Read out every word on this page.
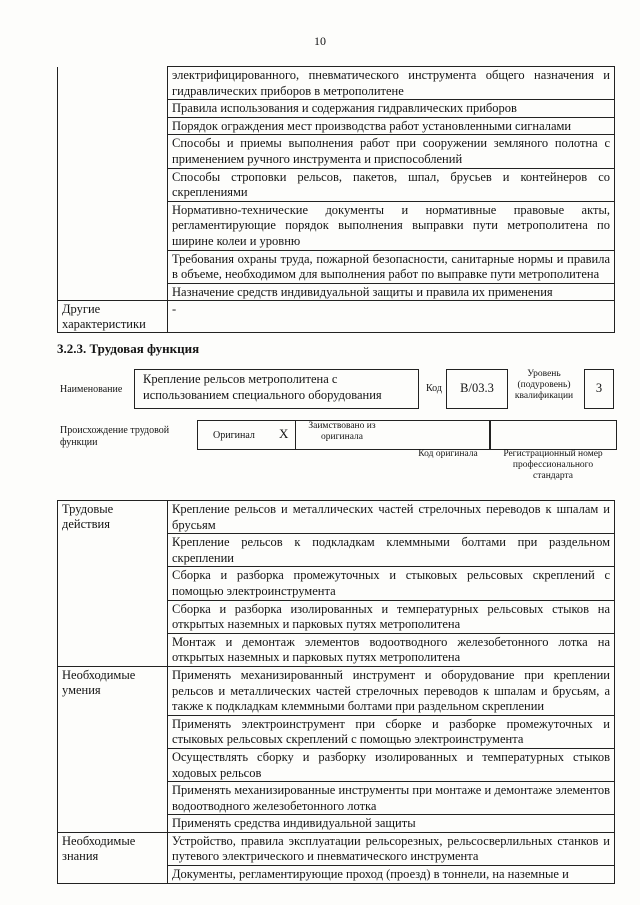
10
	электрифицированного, пневматического инструмента общего назначения и гидравлических приборов в метрополитене
	Правила использования и содержания гидравлических приборов
	Порядок ограждения мест производства работ установленными сигналами
	Способы и приемы выполнения работ при сооружении земляного полотна с применением ручного инструмента и приспособлений
	Способы строповки рельсов, пакетов, шпал, брусьев и контейнеров со скреплениями
	Нормативно-технические документы и нормативные правовые акты, регламентирующие порядок выполнения выправки пути метрополитена по ширине колеи и уровню
	Требования охраны труда, пожарной безопасности, санитарные нормы и правила в объеме, необходимом для выполнения работ по выправке пути метрополитена
	Назначение средств индивидуальной защиты и правила их применения
Другие характеристики	-
3.2.3. Трудовая функция
Наименование
Крепление рельсов метрополитена с использованием специального оборудования	Код	В/03.3
Уровень (подуровень) квалификации
3
Происхождение трудовой функции
Оригинал X	Заимствовано из оригинала
Код оригинала	Регистрационный номер профессионального стандарта
Трудовые действия	Крепление рельсов и металлических частей стрелочных переводов к шпалам и брусьям
	Крепление рельсов к подкладкам клеммными болтами при раздельном скреплении
	Сборка и разборка промежуточных и стыковых рельсовых скреплений с помощью электроинструмента
	Сборка и разборка изолированных и температурных рельсовых стыков на открытых наземных и парковых путях метрополитена
	Монтаж и демонтаж элементов водоотводного железобетонного лотка на открытых наземных и парковых путях метрополитена
Необходимые умения	Применять механизированный инструмент и оборудование при креплении рельсов и металлических частей стрелочных переводов к шпалам и брусьям, а также к подкладкам клеммными болтами при раздельном скреплении
	Применять электроинструмент при сборке и разборке промежуточных и стыковых рельсовых скреплений с помощью электроинструмента
	Осуществлять сборку и разборку изолированных и температурных стыков ходовых рельсов
	Применять механизированные инструменты при монтаже и демонтаже элементов водоотводного железобетонного лотка
	Применять средства индивидуальной защиты
Необходимые знания	Устройство, правила эксплуатации рельсорезных, рельсосверлильных станков и путевого электрического и пневматического инструмента
	Документы, регламентирующие проход (проезд) в тоннели, на наземные и
